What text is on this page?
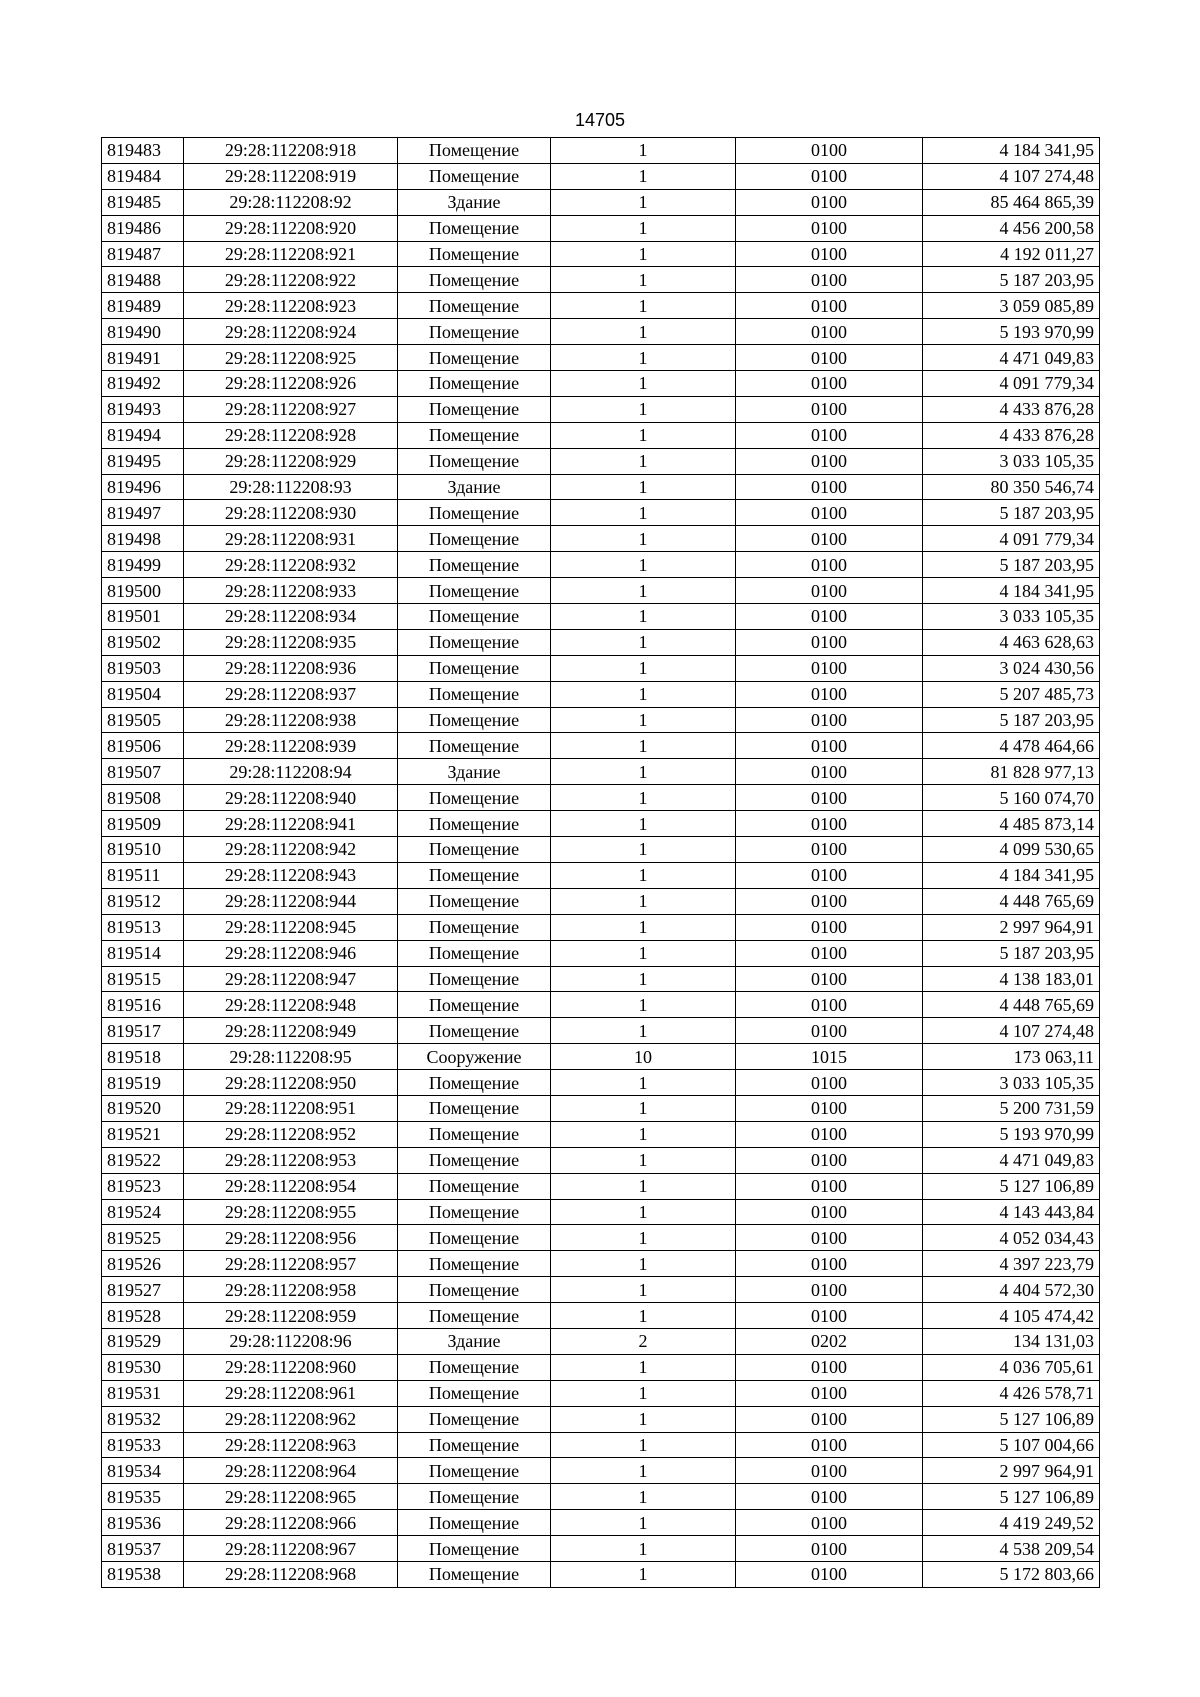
14705
819483	29:28:112208:918	Помещение	1	0100	4 184 341,95
819484	29:28:112208:919	Помещение	1	0100	4 107 274,48
819485	29:28:112208:92	Здание	1	0100	85 464 865,39
819486	29:28:112208:920	Помещение	1	0100	4 456 200,58
819487	29:28:112208:921	Помещение	1	0100	4 192 011,27
819488	29:28:112208:922	Помещение	1	0100	5 187 203,95
819489	29:28:112208:923	Помещение	1	0100	3 059 085,89
819490	29:28:112208:924	Помещение	1	0100	5 193 970,99
819491	29:28:112208:925	Помещение	1	0100	4 471 049,83
819492	29:28:112208:926	Помещение	1	0100	4 091 779,34
819493	29:28:112208:927	Помещение	1	0100	4 433 876,28
819494	29:28:112208:928	Помещение	1	0100	4 433 876,28
819495	29:28:112208:929	Помещение	1	0100	3 033 105,35
819496	29:28:112208:93	Здание	1	0100	80 350 546,74
819497	29:28:112208:930	Помещение	1	0100	5 187 203,95
819498	29:28:112208:931	Помещение	1	0100	4 091 779,34
819499	29:28:112208:932	Помещение	1	0100	5 187 203,95
819500	29:28:112208:933	Помещение	1	0100	4 184 341,95
819501	29:28:112208:934	Помещение	1	0100	3 033 105,35
819502	29:28:112208:935	Помещение	1	0100	4 463 628,63
819503	29:28:112208:936	Помещение	1	0100	3 024 430,56
819504	29:28:112208:937	Помещение	1	0100	5 207 485,73
819505	29:28:112208:938	Помещение	1	0100	5 187 203,95
819506	29:28:112208:939	Помещение	1	0100	4 478 464,66
819507	29:28:112208:94	Здание	1	0100	81 828 977,13
819508	29:28:112208:940	Помещение	1	0100	5 160 074,70
819509	29:28:112208:941	Помещение	1	0100	4 485 873,14
819510	29:28:112208:942	Помещение	1	0100	4 099 530,65
819511	29:28:112208:943	Помещение	1	0100	4 184 341,95
819512	29:28:112208:944	Помещение	1	0100	4 448 765,69
819513	29:28:112208:945	Помещение	1	0100	2 997 964,91
819514	29:28:112208:946	Помещение	1	0100	5 187 203,95
819515	29:28:112208:947	Помещение	1	0100	4 138 183,01
819516	29:28:112208:948	Помещение	1	0100	4 448 765,69
819517	29:28:112208:949	Помещение	1	0100	4 107 274,48
819518	29:28:112208:95	Сооружение	10	1015	173 063,11
819519	29:28:112208:950	Помещение	1	0100	3 033 105,35
819520	29:28:112208:951	Помещение	1	0100	5 200 731,59
819521	29:28:112208:952	Помещение	1	0100	5 193 970,99
819522	29:28:112208:953	Помещение	1	0100	4 471 049,83
819523	29:28:112208:954	Помещение	1	0100	5 127 106,89
819524	29:28:112208:955	Помещение	1	0100	4 143 443,84
819525	29:28:112208:956	Помещение	1	0100	4 052 034,43
819526	29:28:112208:957	Помещение	1	0100	4 397 223,79
819527	29:28:112208:958	Помещение	1	0100	4 404 572,30
819528	29:28:112208:959	Помещение	1	0100	4 105 474,42
819529	29:28:112208:96	Здание	2	0202	134 131,03
819530	29:28:112208:960	Помещение	1	0100	4 036 705,61
819531	29:28:112208:961	Помещение	1	0100	4 426 578,71
819532	29:28:112208:962	Помещение	1	0100	5 127 106,89
819533	29:28:112208:963	Помещение	1	0100	5 107 004,66
819534	29:28:112208:964	Помещение	1	0100	2 997 964,91
819535	29:28:112208:965	Помещение	1	0100	5 127 106,89
819536	29:28:112208:966	Помещение	1	0100	4 419 249,52
819537	29:28:112208:967	Помещение	1	0100	4 538 209,54
819538	29:28:112208:968	Помещение	1	0100	5 172 803,66
